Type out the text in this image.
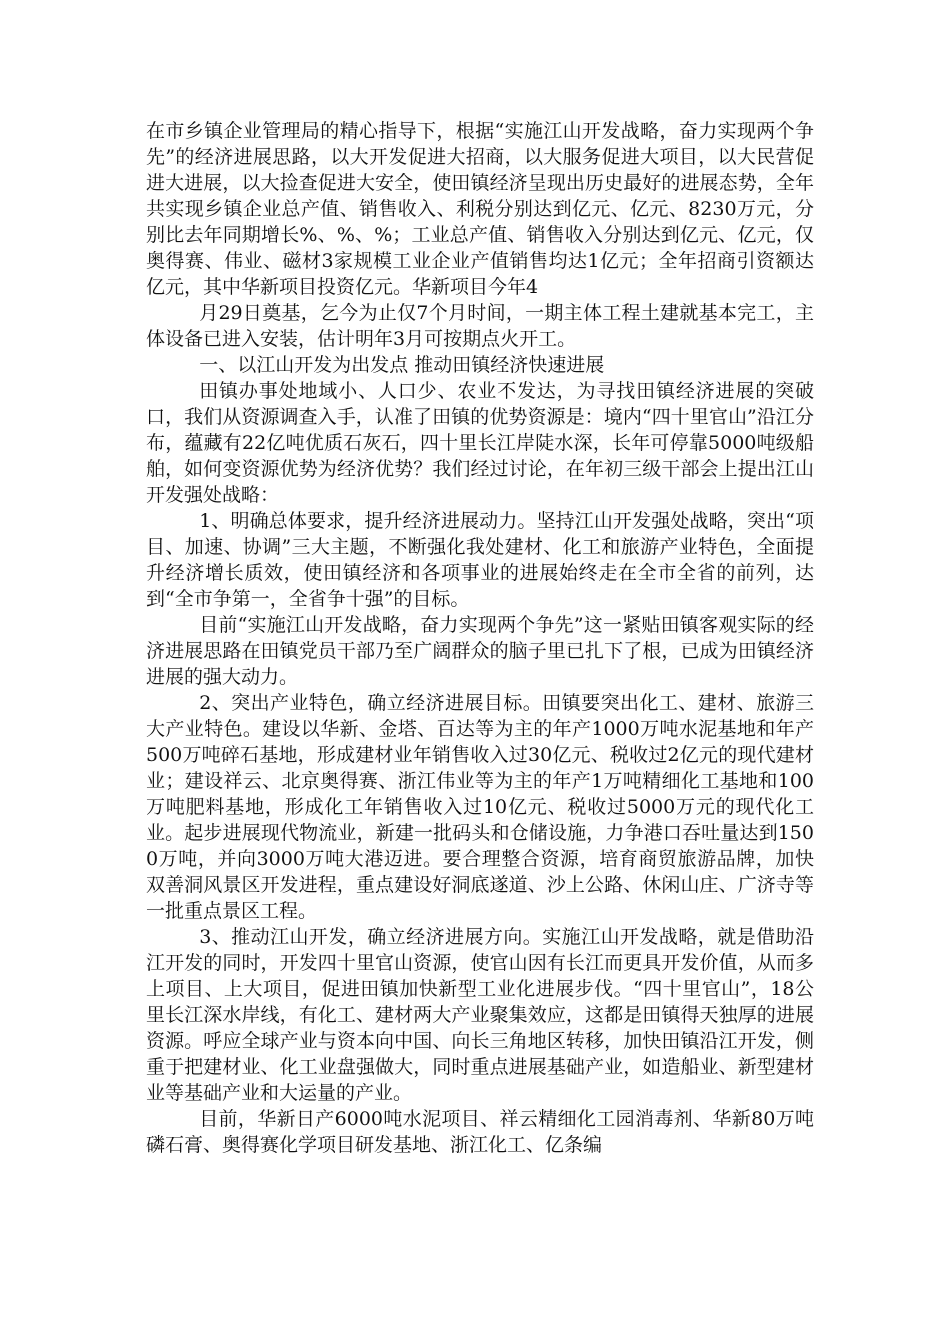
在市乡镇企业管理局的精心指导下，根据“实施江山开发战略，奋力实现两个争先”的经济进展思路，以大开发促进大招商，以大服务促进大项目，以大民营促进大进展，以大捡查促进大安全，使田镇经济呈现出历史最好的进展态势，全年共实现乡镇企业总产值、销售收入、利税分别达到亿元、亿元、8230万元，分别比去年同期增长%、%、%；工业总产值、销售收入分别达到亿元、亿元，仅奥得赛、伟业、磁材3家规模工业企业产值销售均达1亿元；全年招商引资额达亿元，其中华新项目投资亿元。华新项目今年4

月29日奠基，乞今为止仅7个月时间，一期主体工程土建就基本完工，主体设备已进入安装，估计明年3月可按期点火开工。

一、以江山开发为出发点 推动田镇经济快速进展

田镇办事处地域小、人口少、农业不发达，为寻找田镇经济进展的突破口，我们从资源调查入手，认准了田镇的优势资源是：境内“四十里官山”沿江分布，蕴藏有22亿吨优质石灰石，四十里长江岸陡水深，长年可停靠5000吨级船舶，如何变资源优势为经济优势？我们经过讨论，在年初三级干部会上提出江山开发强处战略：

1、明确总体要求，提升经济进展动力。坚持江山开发强处战略，突出“项目、加速、协调”三大主题，不断强化我处建材、化工和旅游产业特色，全面提升经济增长质效，使田镇经济和各项事业的进展始终走在全市全省的前列，达到“全市争第一，全省争十强”的目标。

目前“实施江山开发战略，奋力实现两个争先”这一紧贴田镇客观实际的经济进展思路在田镇党员干部乃至广阔群众的脑子里已扎下了根，已成为田镇经济进展的强大动力。

2、突出产业特色，确立经济进展目标。田镇要突出化工、建材、旅游三大产业特色。建设以华新、金塔、百达等为主的年产1000万吨水泥基地和年产500万吨碎石基地，形成建材业年销售收入过30亿元、税收过2亿元的现代建材业；建设祥云、北京奥得赛、浙江伟业等为主的年产1万吨精细化工基地和100万吨肥料基地，形成化工年销售收入过10亿元、税收过5000万元的现代化工业。起步进展现代物流业，新建一批码头和仓储设施，力争港口吞吐量达到1500万吨，并向3000万吨大港迈进。要合理整合资源，培育商贸旅游品牌，加快双善洞风景区开发进程，重点建设好洞底遂道、沙上公路、休闲山庄、广济寺等一批重点景区工程。

3、推动江山开发，确立经济进展方向。实施江山开发战略，就是借助沿江开发的同时，开发四十里官山资源，使官山因有长江而更具开发价值，从而多上项目、上大项目，促进田镇加快新型工业化进展步伐。“四十里官山”，18公里长江深水岸线，有化工、建材两大产业聚集效应，这都是田镇得天独厚的进展资源。呼应全球产业与资本向中国、向长三角地区转移，加快田镇沿江开发，侧重于把建材业、化工业盘强做大，同时重点进展基础产业，如造船业、新型建材业等基础产业和大运量的产业。

目前，华新日产6000吨水泥项目、祥云精细化工园消毒剂、华新80万吨磷石膏、奥得赛化学项目研发基地、浙江化工、亿条编
